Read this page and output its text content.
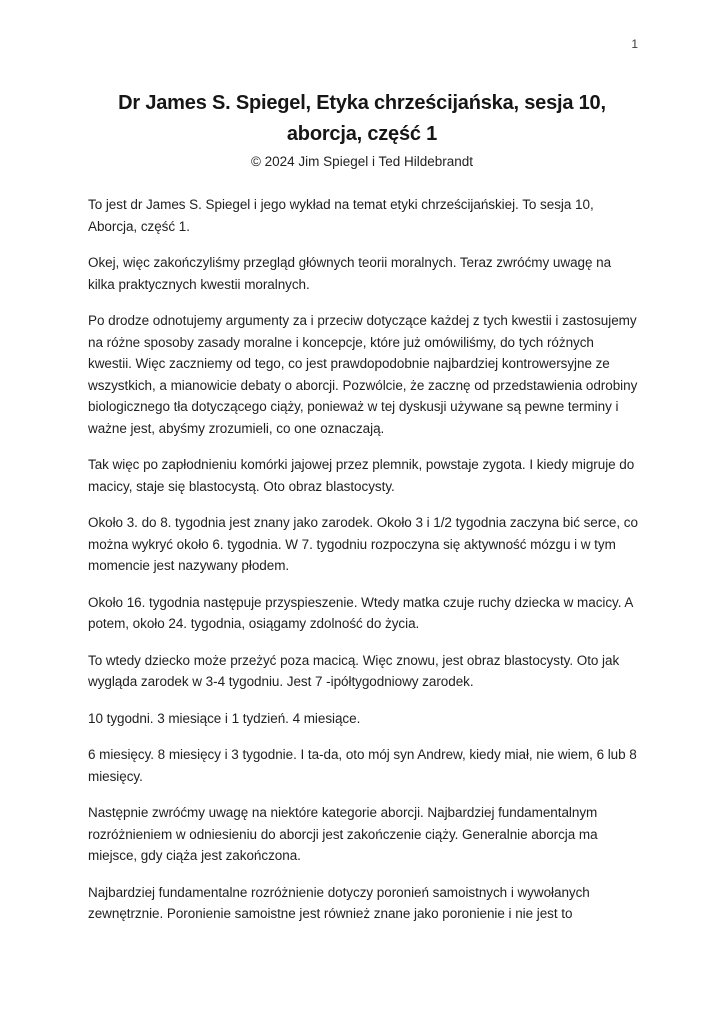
1
Dr James S. Spiegel, Etyka chrześcijańska, sesja 10,
aborcja, część 1
© 2024 Jim Spiegel i Ted Hildebrandt

To jest dr James S. Spiegel i jego wykład na temat etyki chrześcijańskiej. To sesja 10, Aborcja, część 1.

Okej, więc zakończyliśmy przegląd głównych teorii moralnych. Teraz zwróćmy uwagę na kilka praktycznych kwestii moralnych.

Po drodze odnotujemy argumenty za i przeciw dotyczące każdej z tych kwestii i zastosujemy na różne sposoby zasady moralne i koncepcje, które już omówiliśmy, do tych różnych kwestii. Więc zaczniemy od tego, co jest prawdopodobnie najbardziej kontrowersyjne ze wszystkich, a mianowicie debaty o aborcji. Pozwólcie, że zacznę od przedstawienia odrobiny biologicznego tła dotyczącego ciąży, ponieważ w tej dyskusji używane są pewne terminy i ważne jest, abyśmy zrozumieli, co one oznaczają.

Tak więc po zapłodnieniu komórki jajowej przez plemnik, powstaje zygota. I kiedy migruje do macicy, staje się blastocystą. Oto obraz blastocysty.

Około 3. do 8. tygodnia jest znany jako zarodek. Około 3 i 1/2 tygodnia zaczyna bić serce, co można wykryć około 6. tygodnia. W 7. tygodniu rozpoczyna się aktywność mózgu i w tym momencie jest nazywany płodem.

Około 16. tygodnia następuje przyspieszenie. Wtedy matka czuje ruchy dziecka w macicy. A potem, około 24. tygodnia, osiągamy zdolność do życia.

To wtedy dziecko może przeżyć poza macicą. Więc znowu, jest obraz blastocysty. Oto jak wygląda zarodek w 3-4 tygodniu. Jest 7 -ipółtygodniowy zarodek.

10 tygodni. 3 miesiące i 1 tydzień. 4 miesiące.

6 miesięcy. 8 miesięcy i 3 tygodnie. I ta-da, oto mój syn Andrew, kiedy miał, nie wiem, 6 lub 8 miesięcy.

Następnie zwróćmy uwagę na niektóre kategorie aborcji. Najbardziej fundamentalnym rozróżnieniem w odniesieniu do aborcji jest zakończenie ciąży. Generalnie aborcja ma miejsce, gdy ciąża jest zakończona.

Najbardziej fundamentalne rozróżnienie dotyczy poronień samoistnych i wywołanych zewnętrznie. Poronienie samoistne jest również znane jako poronienie i nie jest to
